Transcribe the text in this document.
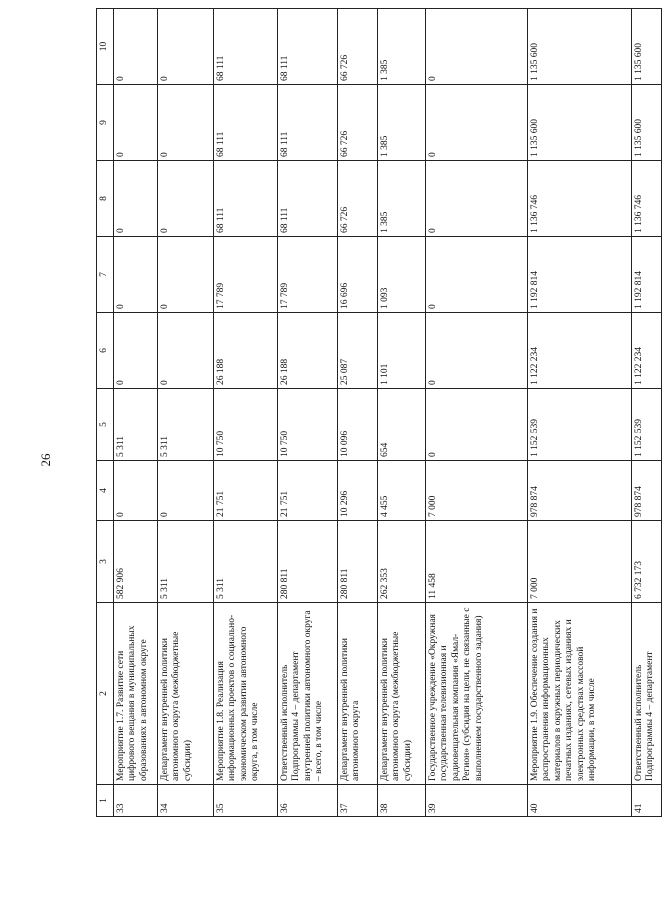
26
1	2	3	4	5	6	7	8	9	10
33	Мероприятие 1.7. Развитие сети цифрового вещания в муниципальных образованиях в автономном округе	582 906	0	5 311	0	0	0	0	0
34	Департамент внутренней политики автономного округа (межбюджетные субсидии)	5 311	0	5 311	0	0	0	0	0
35	Мероприятие 1.8. Реализация информационных проектов о социально-экономическом развитии автономного округа, в том числе	5 311	21 751	10 750	26 188	17 789	68 111	68 111	68 111
36	Ответственный исполнитель Подпрограммы 4 – департамент внутренней политики автономного округа – всего, в том числе	280 811	21 751	10 750	26 188	17 789	68 111	68 111	68 111
37	Департамент внутренней политики автономного округа	280 811	10 296	10 096	25 087	16 696	66 726	66 726	66 726
38	Департамент внутренней политики автономного округа (межбюджетные субсидии)	262 353	4 455	654	1 101	1 093	1 385	1 385	1 385
39	Государственное учреждение «Окружная государственная телевизионная и радиовещательная компания «Ямал-Регион» (субсидия на цели, не связанные с выполнением государственного задания)	11 458	7 000	0	0	0	0	0	0
40	Мероприятие 1.9. Обеспечение создания и распространения информационных материалов в окружных периодических печатных изданиях, сетевых изданиях и электронных средствах массовой информации, в том числе	7 000	978 874	1 152 539	1 122 234	1 192 814	1 136 746	1 135 600	1 135 600
41	Ответственный исполнитель Подпрограммы 4 – департамент	6 732 173	978 874	1 152 539	1 122 234	1 192 814	1 136 746	1 135 600	1 135 600
